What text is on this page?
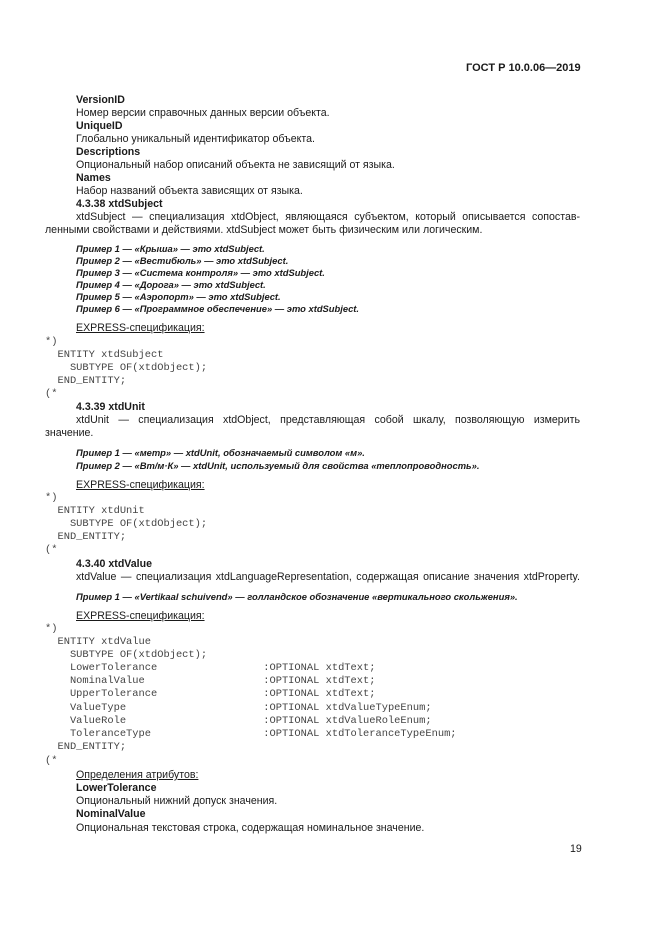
ГОСТ Р 10.0.06—2019
VersionID
Номер версии справочных данных версии объекта.
UniqueID
Глобально уникальный идентификатор объекта.
Descriptions
Опциональный набор описаний объекта не зависящий от языка.
Names
Набор названий объекта зависящих от языка.
4.3.38 xtdSubject
xtdSubject — специализация xtdObject, являющаяся субъектом, который описывается сопостав-
ленными свойствами и действиями. xtdSubject может быть физическим или логическим.
Пример 1 — «Крыша» — это xtdSubject.
Пример 2 — «Вестибюль» — это xtdSubject.
Пример 3 — «Система контроля» — это xtdSubject.
Пример 4 — «Дорога» — это xtdSubject.
Пример 5 — «Аэропорт» — это xtdSubject.
Пример 6 — «Программное обеспечение» — это xtdSubject.
EXPRESS-спецификация:
*)
ENTITY xtdSubject
SUBTYPE OF(xtdObject);
END_ENTITY;
(*
4.3.39 xtdUnit
xtdUnit — специализация xtdObject, представляющая собой шкалу, позволяющую измерить
значение.
Пример 1 — «метр» — xtdUnit, обозначаемый символом «м».
Пример 2 — «Вт/м·К» — xtdUnit, используемый для свойства «теплопроводность».
EXPRESS-спецификация:
*)
ENTITY xtdUnit
SUBTYPE OF(xtdObject);
END_ENTITY;
(*
4.3.40 xtdValue
xtdValue — специализация xtdLanguageRepresentation, содержащая описание значения xtdProperty.
Пример 1 — «Vertikaal schuivend» — голландское обозначение «вертикального скольжения».
EXPRESS-спецификация:
*)
ENTITY xtdValue
SUBTYPE OF(xtdObject);
LowerTolerance                 :OPTIONAL xtdText;
NominalValue                   :OPTIONAL xtdText;
UpperTolerance                 :OPTIONAL xtdText;
ValueType                      :OPTIONAL xtdValueTypeEnum;
ValueRole                      :OPTIONAL xtdValueRoleEnum;
ToleranceType                  :OPTIONAL xtdToleranceTypeEnum;
END_ENTITY;
(*
Определения атрибутов:
LowerTolerance
Опциональный нижний допуск значения.
NominalValue
Опциональная текстовая строка, содержащая номинальное значение.
19
